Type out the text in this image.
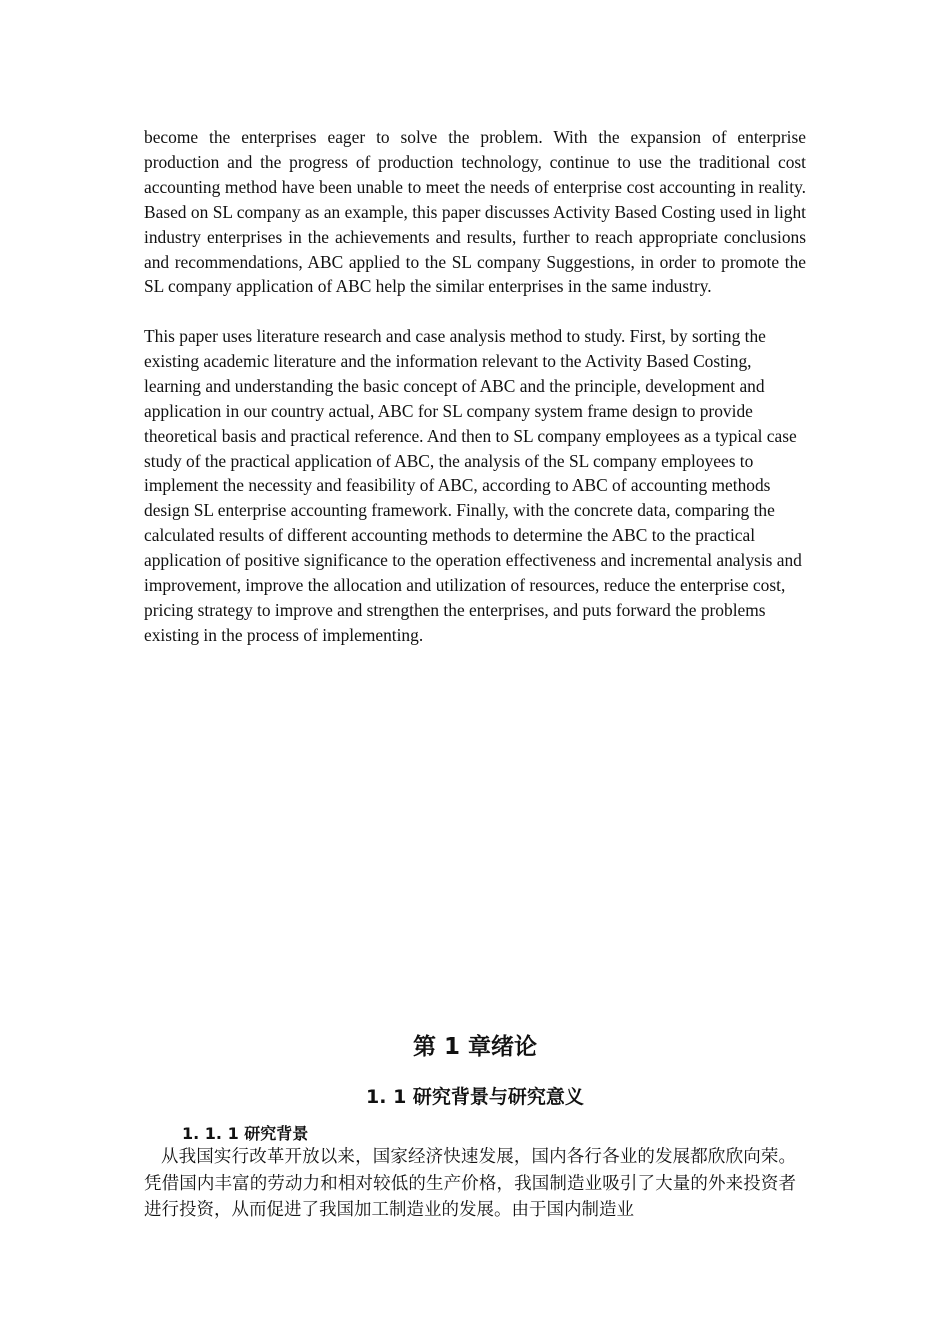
become the enterprises eager to solve the problem. With the expansion of enterprise production and the progress of production technology, continue to use the traditional cost accounting method have been unable to meet the needs of enterprise cost accounting in reality. Based on SL company as an example, this paper discusses Activity Based Costing used in light industry enterprises in the achievements and results, further to reach appropriate conclusions and recommendations, ABC applied to the SL company Suggestions, in order to promote the SL company application of ABC help the similar enterprises in the same industry.

This paper uses literature research and case analysis method to study. First, by sorting the existing academic literature and the information relevant to the Activity Based Costing, learning and understanding the basic concept of ABC and the principle, development and application in our country actual, ABC for SL company system frame design to provide theoretical basis and practical reference. And then to SL company employees as a typical case study of the practical application of ABC, the analysis of the SL company employees to implement the necessity and feasibility of ABC, according to ABC of accounting methods design SL enterprise accounting framework. Finally, with the concrete data, comparing the calculated results of different accounting methods to determine the ABC to the practical application of positive significance to the operation effectiveness and incremental analysis and improvement, improve the allocation and utilization of resources, reduce the enterprise cost, pricing strategy to improve and strengthen the enterprises, and puts forward the problems existing in the process of implementing.

第 1 章绪论
1. 1 研究背景与研究意义
1. 1. 1 研究背景

从我国实行改革开放以来，国家经济快速发展，国内各行各业的发展都欣欣向荣。凭借国内丰富的劳动力和相对较低的生产价格，我国制造业吸引了大量的外来投资者进行投资，从而促进了我国加工制造业的发展。由于国内制造业
